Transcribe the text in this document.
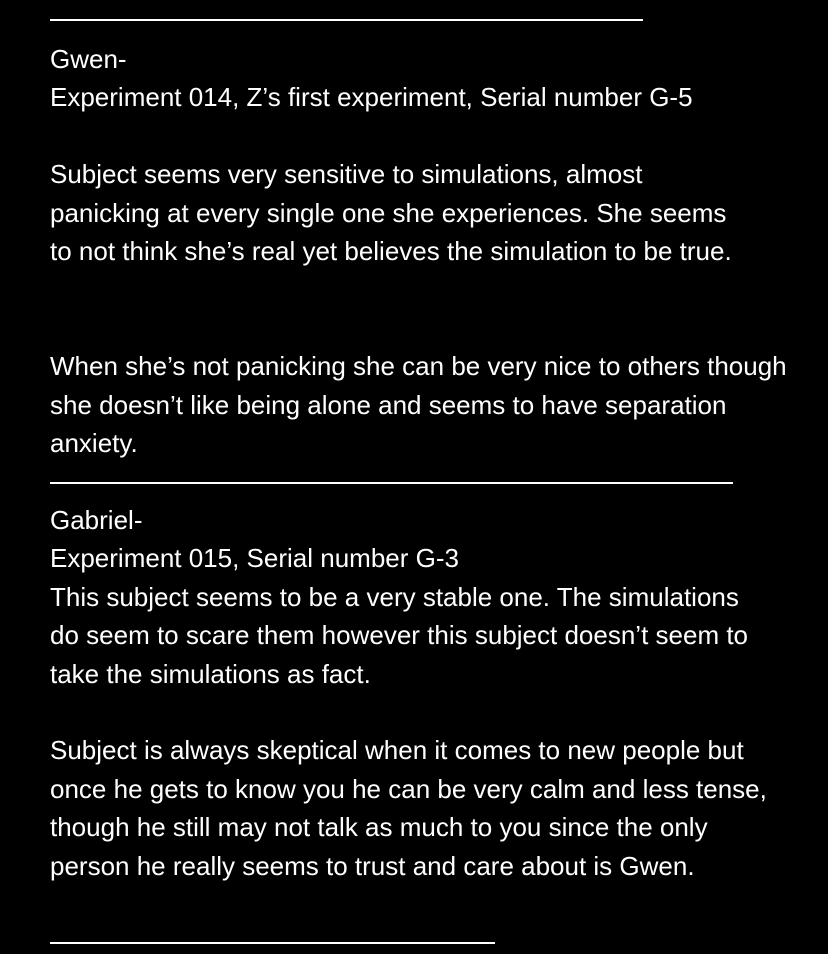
Gwen-

Experiment 014, Z’s first experiment, Serial number G-5

Subject seems very sensitive to simulations, almost panicking at every single one she experiences. She seems to not think she’s real yet believes the simulation to be true.

When she’s not panicking she can be very nice to others though she doesn’t like being alone and seems to have separation anxiety.

Gabriel-

Experiment 015, Serial number G-3

This subject seems to be a very stable one. The simulations do seem to scare them however this subject doesn’t seem to take the simulations as fact.

Subject is always skeptical when it comes to new people but once he gets to know you he can be very calm and less tense, though he still may not talk as much to you since the only person he really seems to trust and care about is Gwen.
